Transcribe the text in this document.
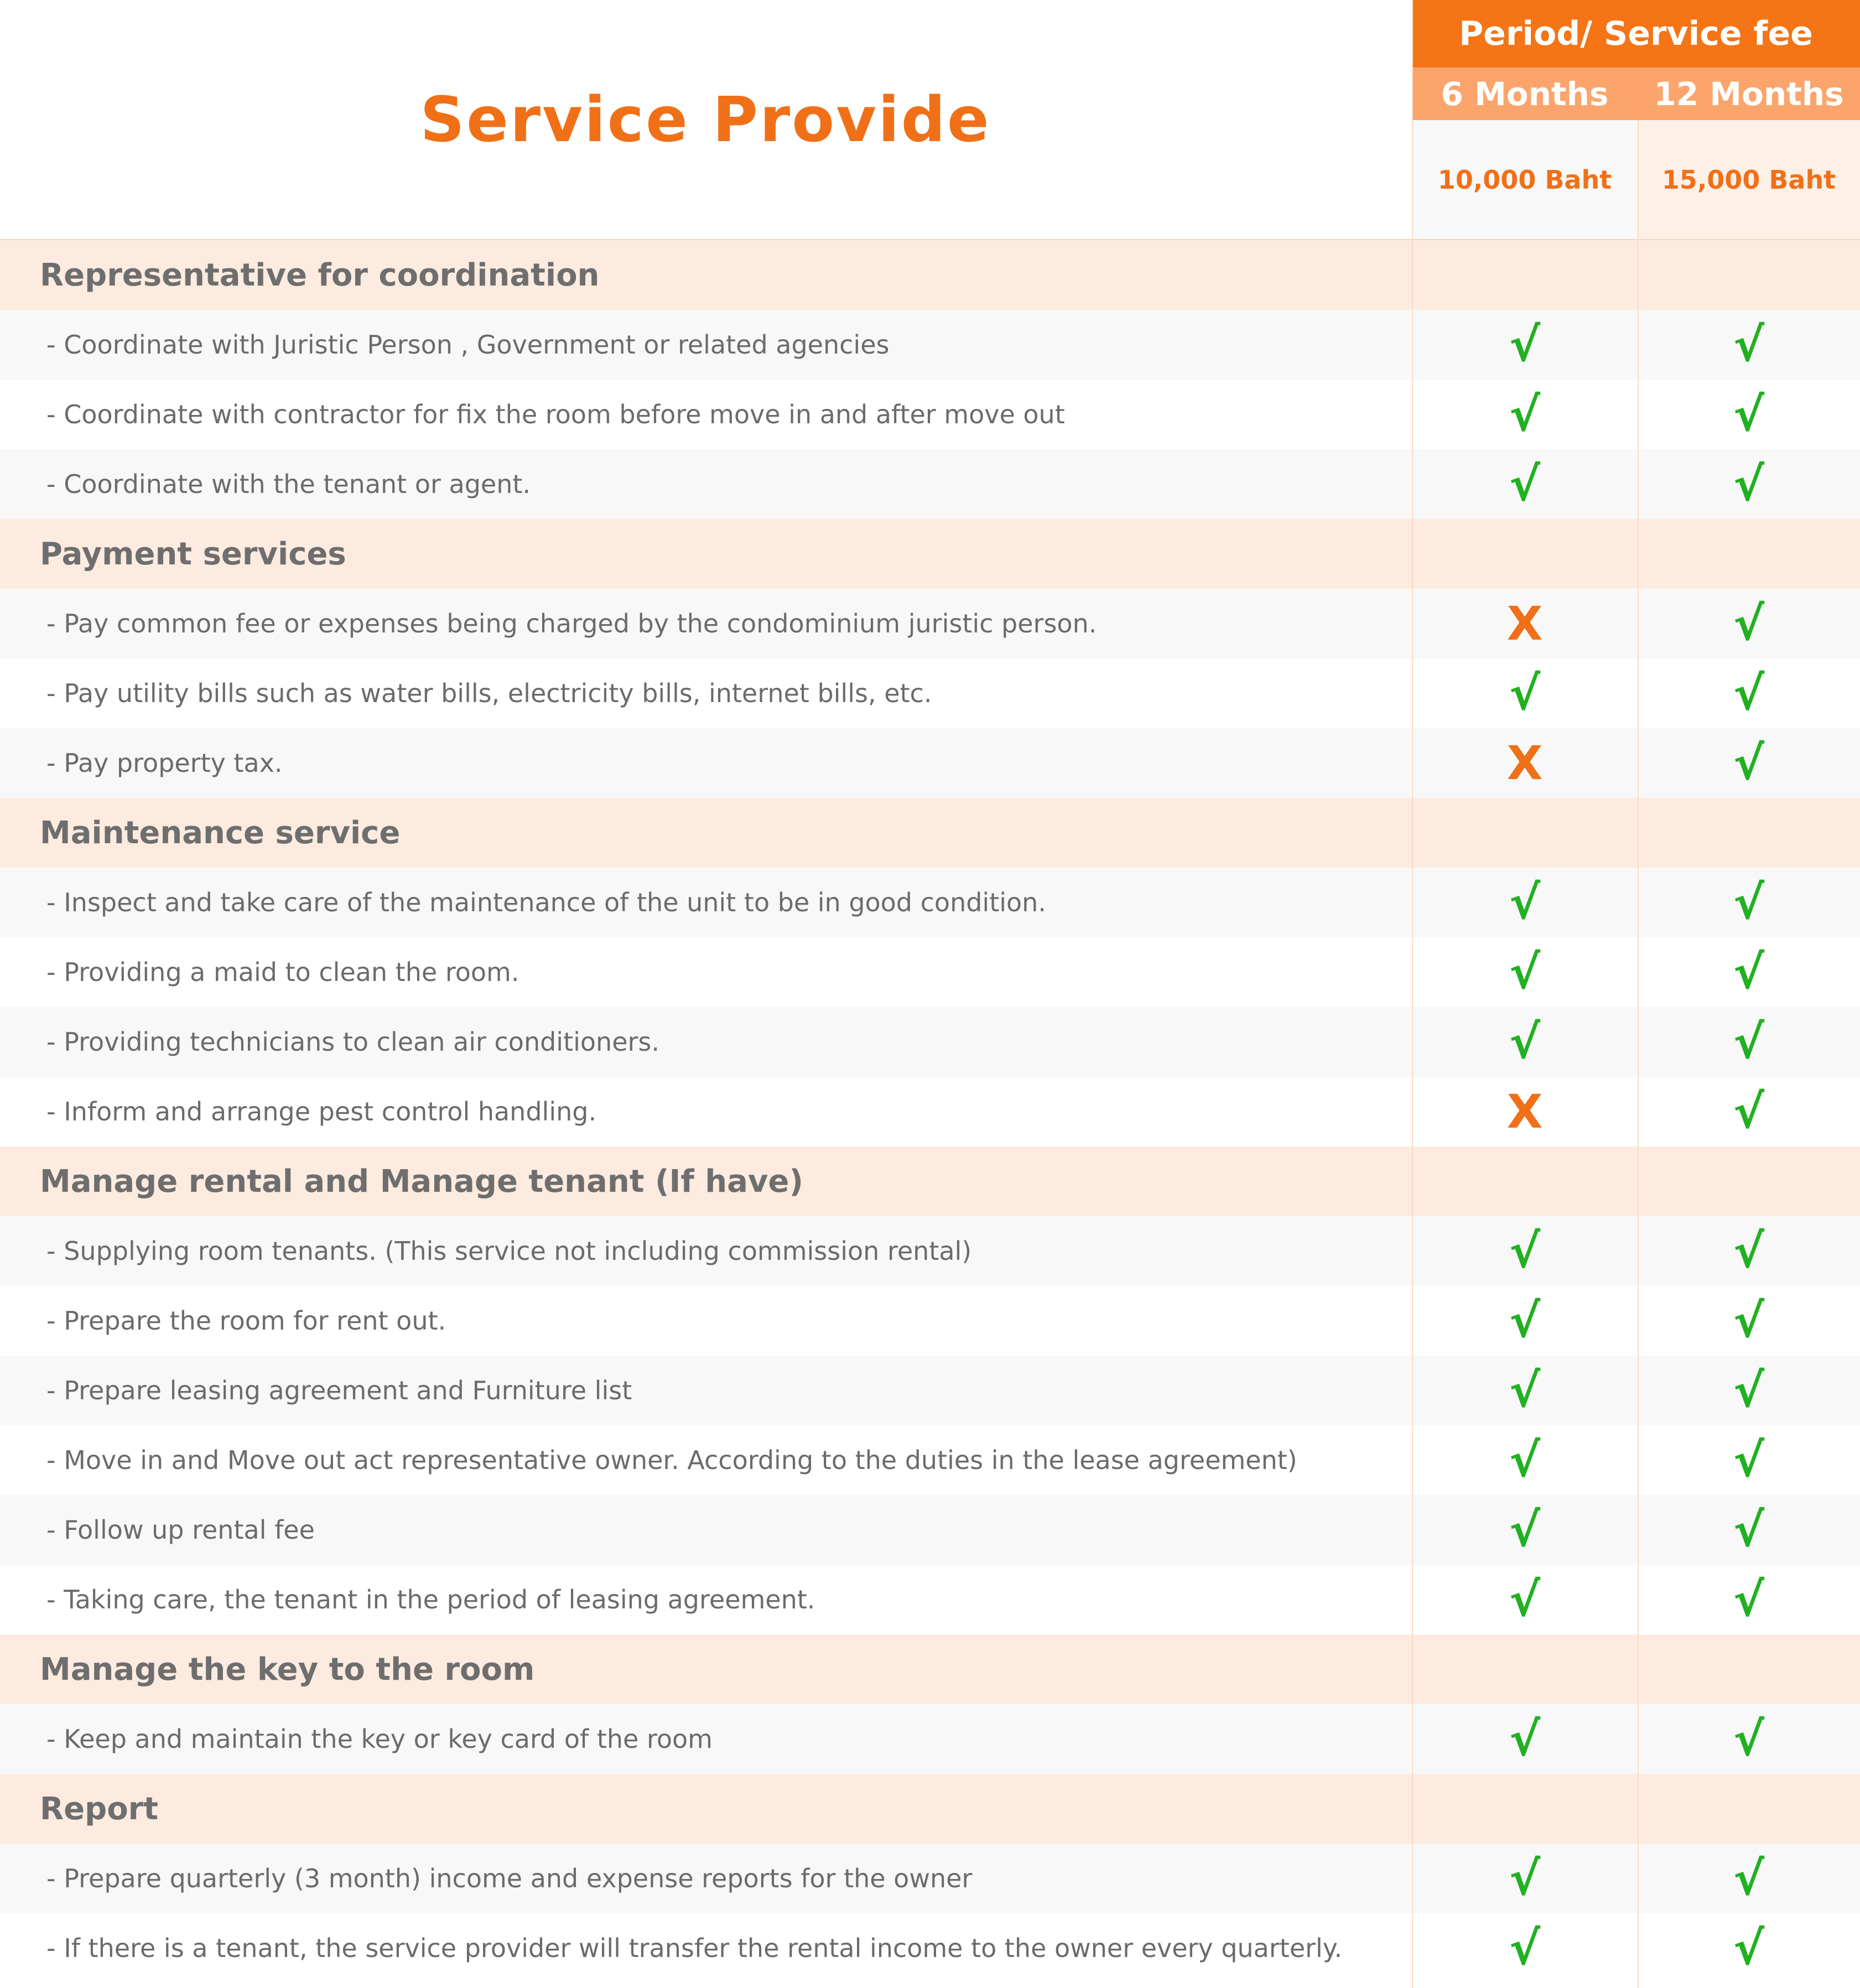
Service Provide
Period/ Service fee
6 Months	12 Months
10,000 Baht	15,000 Baht
Representative for coordination
- Coordinate with Juristic Person , Government or related agencies	√	√
- Coordinate with contractor for fix the room before move in and after move out	√	√
- Coordinate with the tenant or agent.	√	√
Payment services
- Pay common fee or expenses being charged by the condominium juristic person.	X	√
- Pay utility bills such as water bills, electricity bills, internet bills, etc.	√	√
- Pay property tax.	X	√
Maintenance service
- Inspect and take care of the maintenance of the unit to be in good condition.	√	√
- Providing a maid to clean the room.	√	√
- Providing technicians to clean air conditioners.	√	√
- Inform and arrange pest control handling.	X	√
Manage rental and Manage tenant (If have)
- Supplying room tenants. (This service not including commission rental)	√	√
- Prepare the room for rent out.	√	√
- Prepare leasing agreement and Furniture list	√	√
- Move in and Move out act representative owner. According to the duties in the lease agreement)	√	√
- Follow up rental fee	√	√
- Taking care, the tenant in the period of leasing agreement.	√	√
Manage the key to the room
- Keep and maintain the key or key card of the room	√	√
Report
- Prepare quarterly (3 month) income and expense reports for the owner	√	√
- If there is a tenant, the service provider will transfer the rental income to the owner every quarterly.	√	√
